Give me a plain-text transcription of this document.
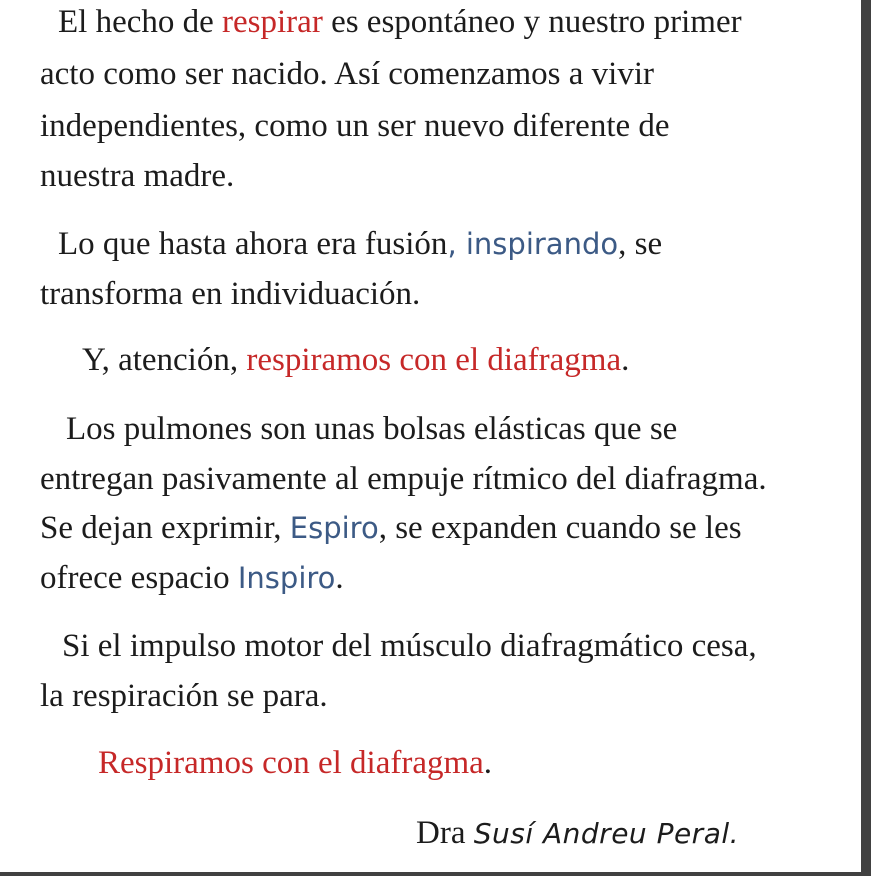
El hecho de respirar es espontáneo y nuestro primer

acto como ser nacido. Así comenzamos a vivir

independientes, como un ser nuevo diferente de

nuestra madre.

Lo que hasta ahora era fusión, inspirando, se

transforma en individuación.

Y, atención, respiramos con el diafragma.

Los pulmones son unas bolsas elásticas que se

entregan pasivamente al empuje rítmico del diafragma.

Se dejan exprimir, Espiro, se expanden cuando se les

ofrece espacio Inspiro.

Si el impulso motor del músculo diafragmático cesa,

la respiración se para.

Respiramos con el diafragma.

Dra Susí Andreu Peral.
